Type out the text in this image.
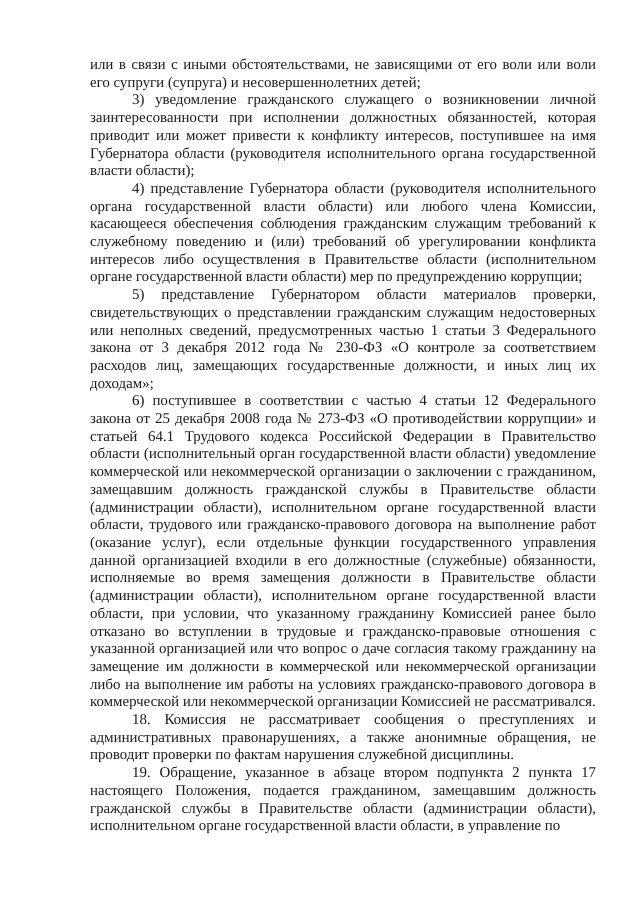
или в связи с иными обстоятельствами, не зависящими от его воли или воли его супруги (супруга) и несовершеннолетних детей;

3) уведомление гражданского служащего о возникновении личной заинтересованности при исполнении должностных обязанностей, которая приводит или может привести к конфликту интересов, поступившее на имя Губернатора области (руководителя исполнительного органа государственной власти области);

4) представление Губернатора области (руководителя исполнительного органа государственной власти области) или любого члена Комиссии, касающееся обеспечения соблюдения гражданским служащим требований к служебному поведению и (или) требований об урегулировании конфликта интересов либо осуществления в Правительстве области (исполнительном органе государственной власти области) мер по предупреждению коррупции;

5) представление Губернатором области материалов проверки, свидетельствующих о представлении гражданским служащим недостоверных или неполных сведений, предусмотренных частью 1 статьи 3 Федерального закона от 3 декабря 2012 года № 230-ФЗ «О контроле за соответствием расходов лиц, замещающих государственные должности, и иных лиц их доходам»;

6) поступившее в соответствии с частью 4 статьи 12 Федерального закона от 25 декабря 2008 года № 273-ФЗ «О противодействии коррупции» и статьей 64.1 Трудового кодекса Российской Федерации в Правительство области (исполнительный орган государственной власти области) уведомление коммерческой или некоммерческой организации о заключении с гражданином, замещавшим должность гражданской службы в Правительстве области (администрации области), исполнительном органе государственной власти области, трудового или гражданско-правового договора на выполнение работ (оказание услуг), если отдельные функции государственного управления данной организацией входили в его должностные (служебные) обязанности, исполняемые во время замещения должности в Правительстве области (администрации области), исполнительном органе государственной власти области, при условии, что указанному гражданину Комиссией ранее было отказано во вступлении в трудовые и гражданско-правовые отношения с указанной организацией или что вопрос о даче согласия такому гражданину на замещение им должности в коммерческой или некоммерческой организации либо на выполнение им работы на условиях гражданско-правового договора в коммерческой или некоммерческой организации Комиссией не рассматривался.

18. Комиссия не рассматривает сообщения о преступлениях и административных правонарушениях, а также анонимные обращения, не проводит проверки по фактам нарушения служебной дисциплины.

19. Обращение, указанное в абзаце втором подпункта 2 пункта 17 настоящего Положения, подается гражданином, замещавшим должность гражданской службы в Правительстве области (администрации области), исполнительном органе государственной власти области, в управление по
